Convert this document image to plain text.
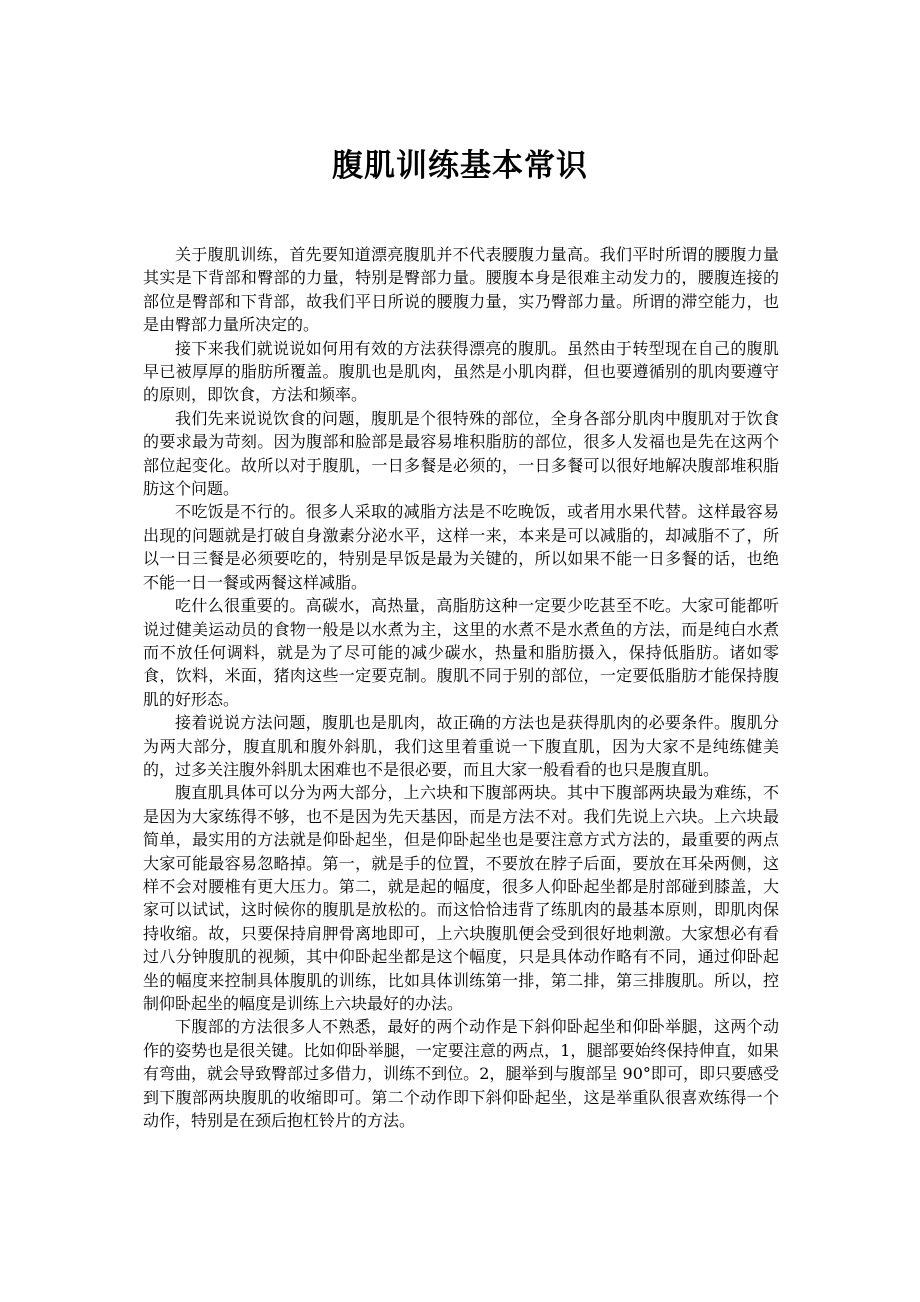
腹肌训练基本常识

关于腹肌训练，首先要知道漂亮腹肌并不代表腰腹力量高。我们平时所谓的腰腹力量其实是下背部和臀部的力量，特别是臀部力量。腰腹本身是很难主动发力的，腰腹连接的部位是臀部和下背部，故我们平日所说的腰腹力量，实乃臀部力量。所谓的滞空能力，也是由臀部力量所决定的。

接下来我们就说说如何用有效的方法获得漂亮的腹肌。虽然由于转型现在自己的腹肌早已被厚厚的脂肪所覆盖。腹肌也是肌肉，虽然是小肌肉群，但也要遵循别的肌肉要遵守的原则，即饮食，方法和频率。

我们先来说说饮食的问题，腹肌是个很特殊的部位，全身各部分肌肉中腹肌对于饮食的要求最为苛刻。因为腹部和脸部是最容易堆积脂肪的部位，很多人发福也是先在这两个部位起变化。故所以对于腹肌，一日多餐是必须的，一日多餐可以很好地解决腹部堆积脂肪这个问题。

不吃饭是不行的。很多人采取的减脂方法是不吃晚饭，或者用水果代替。这样最容易出现的问题就是打破自身激素分泌水平，这样一来，本来是可以减脂的，却减脂不了，所以一日三餐是必须要吃的，特别是早饭是最为关键的，所以如果不能一日多餐的话，也绝不能一日一餐或两餐这样减脂。

吃什么很重要的。高碳水，高热量，高脂肪这种一定要少吃甚至不吃。大家可能都听说过健美运动员的食物一般是以水煮为主，这里的水煮不是水煮鱼的方法，而是纯白水煮而不放任何调料，就是为了尽可能的减少碳水，热量和脂肪摄入，保持低脂肪。诸如零食，饮料，米面，猪肉这些一定要克制。腹肌不同于别的部位，一定要低脂肪才能保持腹肌的好形态。

接着说说方法问题，腹肌也是肌肉，故正确的方法也是获得肌肉的必要条件。腹肌分为两大部分，腹直肌和腹外斜肌，我们这里着重说一下腹直肌，因为大家不是纯练健美的，过多关注腹外斜肌太困难也不是很必要，而且大家一般看看的也只是腹直肌。

腹直肌具体可以分为两大部分，上六块和下腹部两块。其中下腹部两块最为难练，不是因为大家练得不够，也不是因为先天基因，而是方法不对。我们先说上六块。上六块最简单，最实用的方法就是仰卧起坐，但是仰卧起坐也是要注意方式方法的，最重要的两点大家可能最容易忽略掉。第一，就是手的位置，不要放在脖子后面，要放在耳朵两侧，这样不会对腰椎有更大压力。第二，就是起的幅度，很多人仰卧起坐都是肘部碰到膝盖，大家可以试试，这时候你的腹肌是放松的。而这恰恰违背了练肌肉的最基本原则，即肌肉保持收缩。故，只要保持肩胛骨离地即可，上六块腹肌便会受到很好地刺激。大家想必有看过八分钟腹肌的视频，其中仰卧起坐都是这个幅度，只是具体动作略有不同，通过仰卧起坐的幅度来控制具体腹肌的训练，比如具体训练第一排，第二排，第三排腹肌。所以，控制仰卧起坐的幅度是训练上六块最好的办法。

下腹部的方法很多人不熟悉，最好的两个动作是下斜仰卧起坐和仰卧举腿，这两个动作的姿势也是很关键。比如仰卧举腿，一定要注意的两点，1，腿部要始终保持伸直，如果有弯曲，就会导致臀部过多借力，训练不到位。2，腿举到与腹部呈 90°即可，即只要感受到下腹部两块腹肌的收缩即可。第二个动作即下斜仰卧起坐，这是举重队很喜欢练得一个动作，特别是在颈后抱杠铃片的方法。
